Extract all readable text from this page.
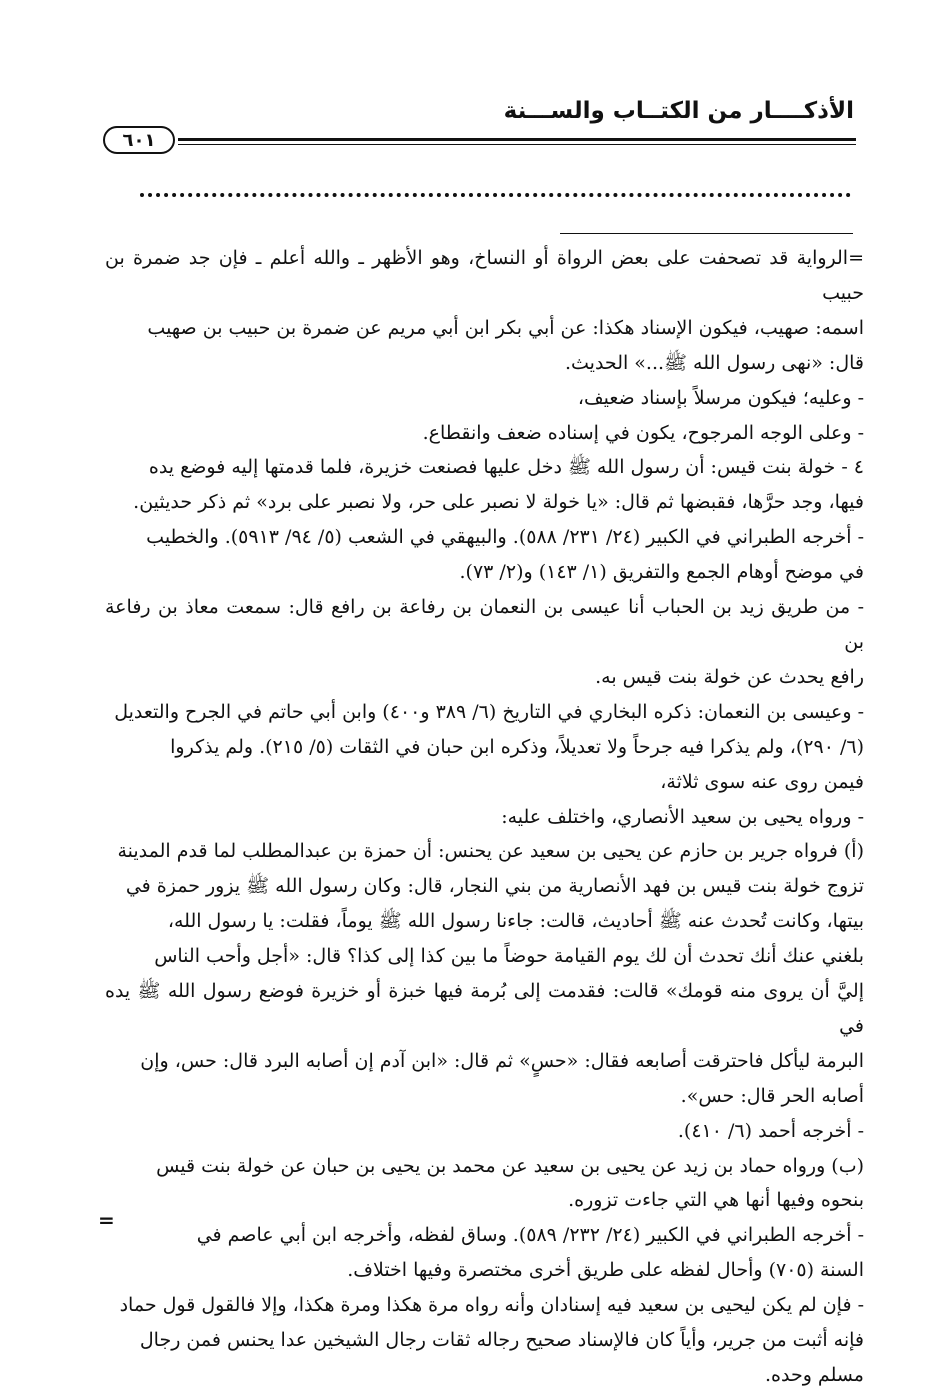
الأذكــــار من الكتــاب والســـنة
٦٠١

=الرواية قد تصحفت على بعض الرواة أو النساخ، وهو الأظهر ـ والله أعلم ـ فإن جد ضمرة بن حبيب

اسمه: صهيب، فيكون الإسناد هكذا: عن أبي بكر ابن أبي مريم عن ضمرة بن حبيب بن صهيب

قال: «نهى رسول الله ﷺ...» الحديث.

- وعليه؛ فيكون مرسلاً بإسناد ضعيف،

- وعلى الوجه المرجوح، يكون في إسناده ضعف وانقطاع.

٤ - خولة بنت قيس: أن رسول الله ﷺ دخل عليها فصنعت خزيرة، فلما قدمتها إليه فوضع يده

فيها، وجد حرَّها، فقبضها ثم قال: «يا خولة لا نصبر على حر، ولا نصبر على برد» ثم ذكر حديثين.

- أخرجه الطبراني في الكبير (٢٤/ ٢٣١/ ٥٨٨). والبيهقي في الشعب (٥/ ٩٤/ ٥٩١٣). والخطيب

في موضح أوهام الجمع والتفريق (١/ ١٤٣) و(٢/ ٧٣).

- من طريق زيد بن الحباب أنا عيسى بن النعمان بن رفاعة بن رافع قال: سمعت معاذ بن رفاعة بن

رافع يحدث عن خولة بنت قيس به.

- وعيسى بن النعمان: ذكره البخاري في التاريخ (٦/ ٣٨٩ و٤٠٠) وابن أبي حاتم في الجرح والتعديل

(٦/ ٢٩٠)، ولم يذكرا فيه جرحاً ولا تعديلاً، وذكره ابن حبان في الثقات (٥/ ٢١٥). ولم يذكروا

فيمن روى عنه سوى ثلاثة،

- ورواه يحيى بن سعيد الأنصاري، واختلف عليه:

(أ) فرواه جرير بن حازم عن يحيى بن سعيد عن يحنس: أن حمزة بن عبدالمطلب لما قدم المدينة

تزوج خولة بنت قيس بن فهد الأنصارية من بني النجار، قال: وكان رسول الله ﷺ يزور حمزة في

بيتها، وكانت تُحدث عنه ﷺ أحاديث، قالت: جاءنا رسول الله ﷺ يوماً، فقلت: يا رسول الله،

بلغني عنك أنك تحدث أن لك يوم القيامة حوضاً ما بين كذا إلى كذا؟ قال: «أجل وأحب الناس

إليَّ أن يروى منه قومك» قالت: فقدمت إلى بُرمة فيها خبزة أو خزيرة فوضع رسول الله ﷺ يده في

البرمة ليأكل فاحترقت أصابعه فقال: «حسٍ» ثم قال: «ابن آدم إن أصابه البرد قال: حس، وإن

أصابه الحر قال: حس».

- أخرجه أحمد (٦/ ٤١٠).

(ب) ورواه حماد بن زيد عن يحيى بن سعيد عن محمد بن يحيى بن حبان عن خولة بنت قيس

بنحوه وفيها أنها هي التي جاءت تزوره.

- أخرجه الطبراني في الكبير (٢٤/ ٢٣٢/ ٥٨٩). وساق لفظه، وأخرجه ابن أبي عاصم في

السنة (٧٠٥) وأحال لفظه على طريق أخرى مختصرة وفيها اختلاف.

- فإن لم يكن ليحيى بن سعيد فيه إسنادان وأنه رواه مرة هكذا ومرة هكذا، وإلا فالقول قول حماد

فإنه أثبت من جرير، وأياً كان فالإسناد صحيح رجاله ثقات رجال الشيخين عدا يحنس فمن رجال

مسلم وحده.

=
